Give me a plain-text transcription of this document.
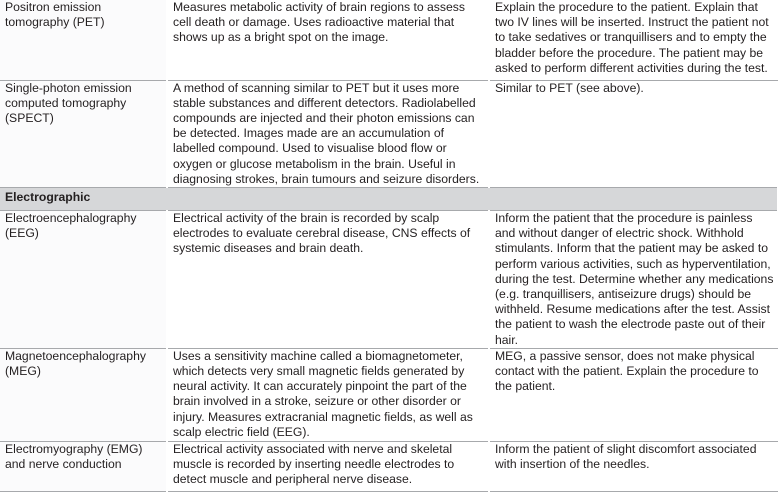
Positron emission tomography (PET)	Measures metabolic activity of brain regions to assess cell death or damage. Uses radioactive material that shows up as a bright spot on the image.	Explain the procedure to the patient. Explain that two IV lines will be inserted. Instruct the patient not to take sedatives or tranquillisers and to empty the bladder before the procedure. The patient may be asked to perform different activities during the test.

Single-photon emission computed tomography (SPECT)	A method of scanning similar to PET but it uses more stable substances and different detectors. Radiolabelled compounds are injected and their photon emissions can be detected. Images made are an accumulation of labelled compound. Used to visualise blood flow or oxygen or glucose metabolism in the brain. Useful in diagnosing strokes, brain tumours and seizure disorders.	Similar to PET (see above).

Electrographic		

Electroencephalography (EEG)	Electrical activity of the brain is recorded by scalp electrodes to evaluate cerebral disease, CNS effects of systemic diseases and brain death.	Inform the patient that the procedure is painless and without danger of electric shock. Withhold stimulants. Inform that the patient may be asked to perform various activities, such as hyperventilation, during the test. Determine whether any medications (e.g. tranquillisers, antiseizure drugs) should be withheld. Resume medications after the test. Assist the patient to wash the electrode paste out of their hair.

Magnetoencephalography (MEG)	Uses a sensitivity machine called a biomagnetometer, which detects very small magnetic fields generated by neural activity. It can accurately pinpoint the part of the brain involved in a stroke, seizure or other disorder or injury. Measures extracranial magnetic fields, as well as scalp electric field (EEG).	MEG, a passive sensor, does not make physical contact with the patient. Explain the procedure to the patient.

Electromyography (EMG) and nerve conduction	Electrical activity associated with nerve and skeletal muscle is recorded by inserting needle electrodes to detect muscle and peripheral nerve disease.	Inform the patient of slight discomfort associated with insertion of the needles.
